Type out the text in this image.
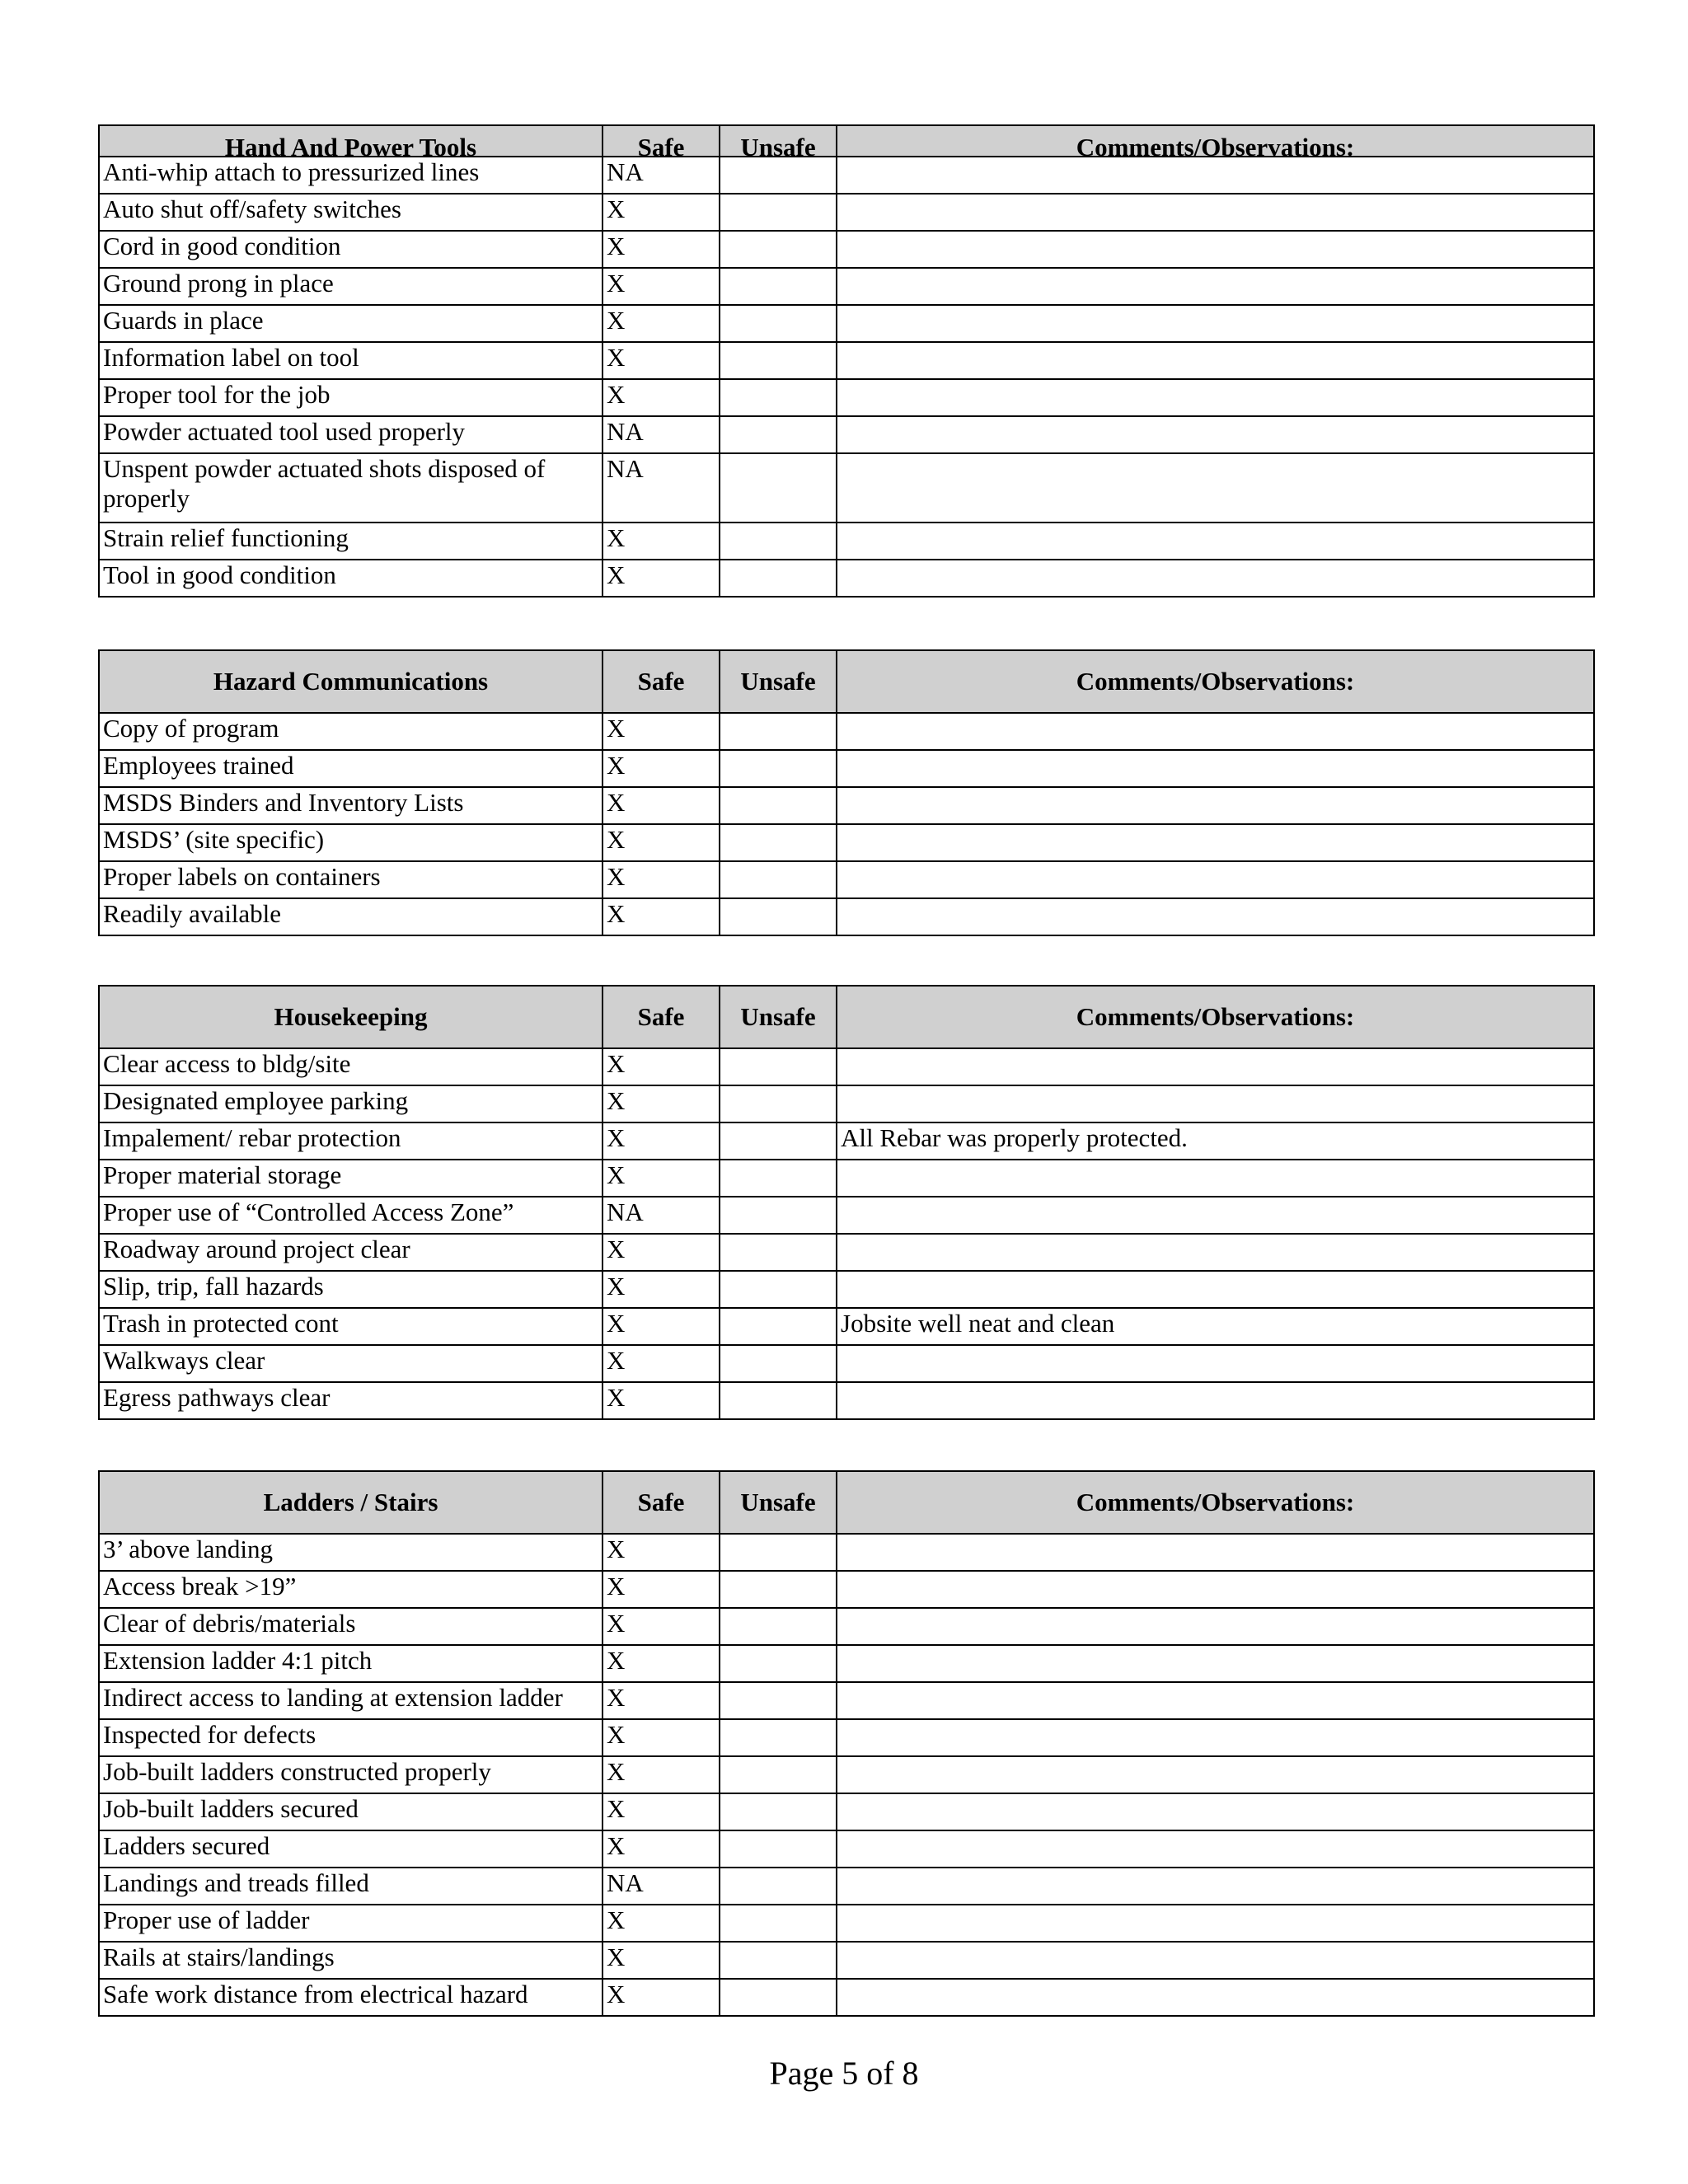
Hand And Power Tools	Safe	Unsafe	Comments/Observations:
Anti-whip attach to pressurized lines	NA		
Auto shut off/safety switches	X		
Cord in good condition	X		
Ground prong in place	X		
Guards in place	X		
Information label on tool	X		
Proper tool for the job	X		
Powder actuated tool used properly	NA		
Unspent powder actuated shots disposed of properly	NA		
Strain relief functioning	X		
Tool in good condition	X		
Hazard Communications	Safe	Unsafe	Comments/Observations:
Copy of program	X		
Employees trained	X		
MSDS Binders and Inventory Lists	X		
MSDS’ (site specific)	X		
Proper labels on containers	X		
Readily available	X		
Housekeeping	Safe	Unsafe	Comments/Observations:
Clear access to bldg/site	X		
Designated employee parking	X		
Impalement/ rebar protection	X		All Rebar was properly protected.
Proper material storage	X		
Proper use of “Controlled Access Zone”	NA		
Roadway around project clear	X		
Slip, trip, fall hazards	X		
Trash in protected cont	X		Jobsite well neat and clean
Walkways clear	X		
Egress pathways clear	X		
Ladders / Stairs	Safe	Unsafe	Comments/Observations:
3’ above landing	X		
Access break >19”	X		
Clear of debris/materials	X		
Extension ladder 4:1 pitch	X		
Indirect access to landing at extension ladder	X		
Inspected for defects	X		
Job-built ladders constructed properly	X		
Job-built ladders secured	X		
Ladders secured	X		
Landings and treads filled	NA		
Proper use of ladder	X		
Rails at stairs/landings	X		
Safe work distance from electrical hazard	X		
Page 5 of 8
